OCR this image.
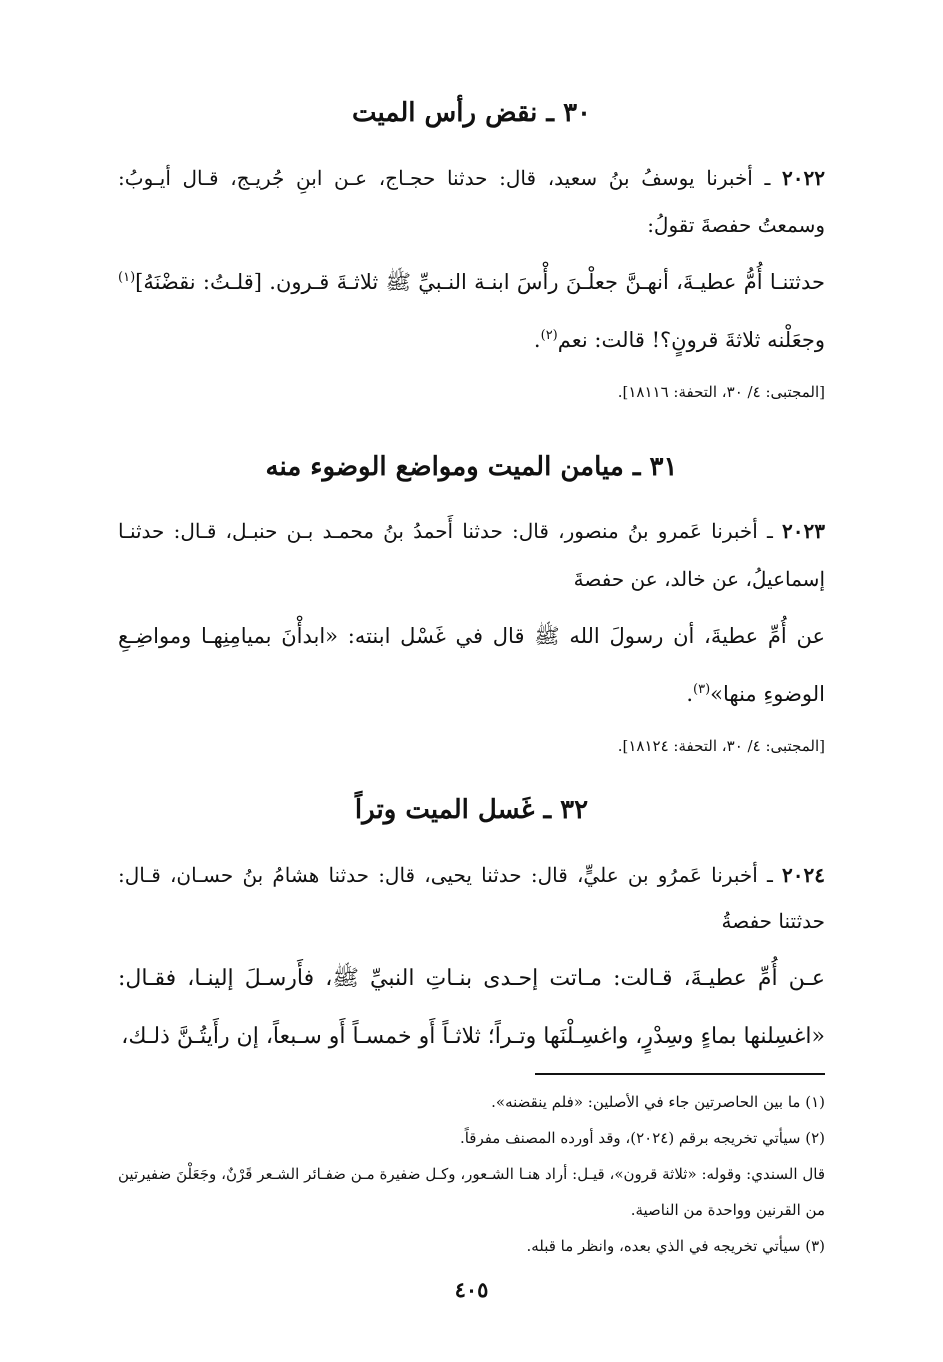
٣٠ ـ نقض رأس الميت

٢٠٢٢ ـ أخبرنا يوسفُ بنُ سعيد، قال: حدثنا حجـاج، عـن ابنِ جُريـج، قـال أيـوبُ: وسمعتُ حفصةَ تقولُ:

حدثتنـا أُمُّ عطيـةَ، أنهـنَّ جعلْـنَ رأْسَ ابنـة النـبيِّ ﷺ ثلاثـةَ قـرون. [قلـتُ: نقضْنَهُ]$^{(١)}$ وجعَلْنه ثلاثةَ قرونٍ؟! قالت: نعم$^{(٢)}$.

[المجتبى: ٤/ ٣٠، التحفة: ١٨١١٦].

٣١ ـ ميامن الميت ومواضع الوضوء منه

٢٠٢٣ ـ أخبرنا عَمرو بنُ منصور، قال: حدثنا أَحمدُ بنُ محمـد بـن حنبـل، قـال: حدثنـا إسماعيلُ، عن خالد، عن حفصةَ

عن أُمِّ عطيةَ، أن رسولَ الله ﷺ قال في غَسْل ابنته: «ابدأْنَ بميامِنِهـا ومواضِـعِ الوضوءِ منها»$^{(٣)}$.

[المجتبى: ٤/ ٣٠، التحفة: ١٨١٢٤].

٣٢ ـ غَسل الميت وتراً

٢٠٢٤ ـ أخبرنا عَمرُو بن عليٍّ، قال: حدثنا يحيى، قال: حدثنا هشامُ بنُ حسـان، قـال: حدثتنا حفصةُ

عـن أُمِّ عطيـةَ، قـالت: مـاتت إحـدى بنـاتِ النبيِّ ﷺ، فأَرسـلَ إلينـا، فقـال: «اغسِلنها بماءٍ وسِدْرٍ، واغسِـلْنَها وتـراً؛ ثلاثـاً أَو خمسـاً أَو سـبعاً، إن رأَيتُـنَّ ذلـك،

(١) ما بين الحاصرتين جاء في الأصلين: «فلم ينقضنه».

(٢) سيأتي تخريجه برقم (٢٠٢٤)، وقد أورده المصنف مفرقاً.

قال السندي: وقوله: «ثلاثة قرون»، قيـل: أراد هنـا الشـعور، وكـل ضفيرة مـن ضفـائر الشـعر قَرْنٌ، وجَعَلْنَ ضفيرتين من القرنين وواحدة من الناصية.

(٣) سيأتي تخريجه في الذي بعده، وانظر ما قبله.

٤٠٥
